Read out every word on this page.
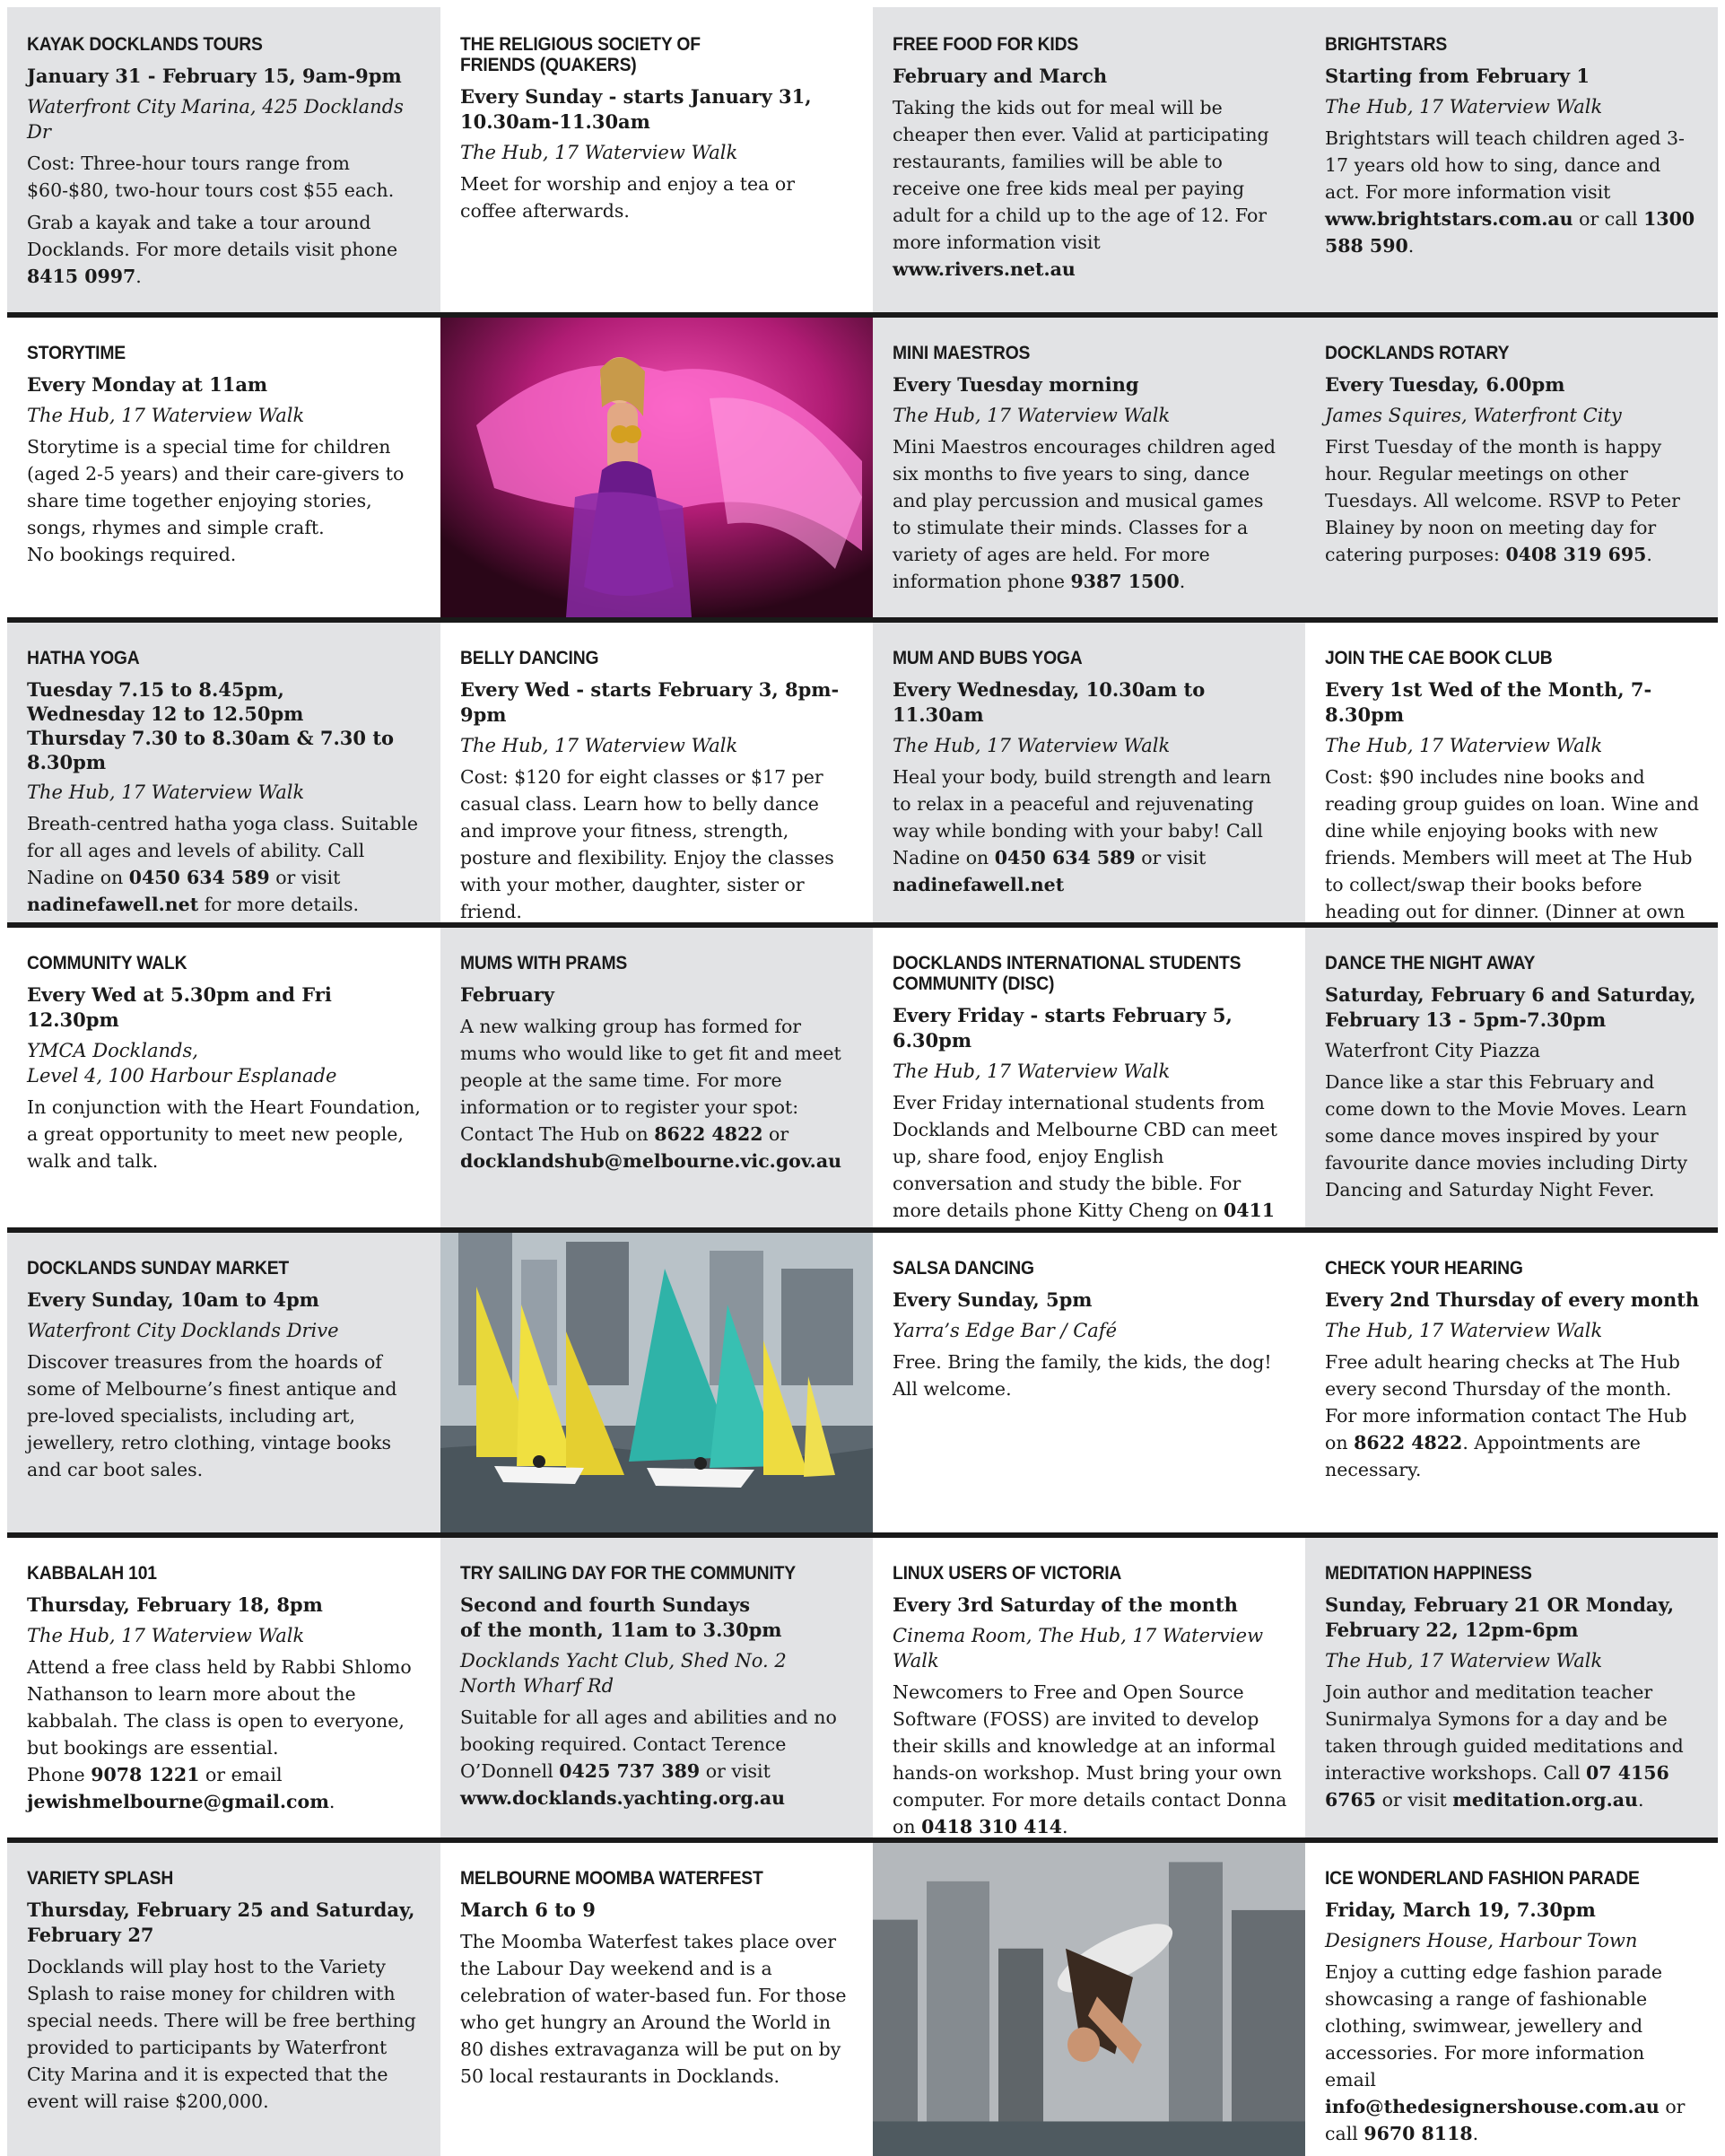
KAYAK DOCKLANDS TOURS
January 31 - February 15, 9am-9pm
Waterfront City Marina, 425 Docklands Dr

Cost: Three-hour tours range from $60-$80, two-hour tours cost $55 each.

Grab a kayak and take a tour around Docklands. For more details visit phone 8415 0997.

THE RELIGIOUS SOCIETY OF FRIENDS (QUAKERS)
Every Sunday - starts January 31, 10.30am-11.30am
The Hub, 17 Waterview Walk

Meet for worship and enjoy a tea or coffee afterwards.

FREE FOOD FOR KIDS
February and March

Taking the kids out for meal will be cheaper then ever. Valid at participating restaurants, families will be able to receive one free kids meal per paying adult for a child up to the age of 12. For more information visit www.rivers.net.au

BRIGHTSTARS
Starting from February 1
The Hub, 17 Waterview Walk

Brightstars will teach children aged 3-17 years old how to sing, dance and act. For more information visit www.brightstars.com.au or call 1300 588 590.

STORYTIME
Every Monday at 11am
The Hub, 17 Waterview Walk

Storytime is a special time for children (aged 2-5 years) and their care-givers to share time together enjoying stories, songs, rhymes and simple craft.

No bookings required.

MINI MAESTROS
Every Tuesday morning
The Hub, 17 Waterview Walk

Mini Maestros encourages children aged six months to five years to sing, dance and play percussion and musical games to stimulate their minds. Classes for a variety of ages are held. For more information phone 9387 1500.

DOCKLANDS ROTARY
Every Tuesday, 6.00pm
James Squires, Waterfront City

First Tuesday of the month is happy hour. Regular meetings on other Tuesdays. All welcome. RSVP to Peter Blainey by noon on meeting day for catering purposes: 0408 319 695.

HATHA YOGA
Tuesday 7.15 to 8.45pm,
Wednesday 12 to 12.50pm
Thursday 7.30 to 8.30am & 7.30 to 8.30pm
The Hub, 17 Waterview Walk

Breath-centred hatha yoga class. Suitable for all ages and levels of ability. Call Nadine on 0450 634 589 or visit nadinefawell.net for more details.

BELLY DANCING
Every Wed - starts February 3, 8pm-9pm
The Hub, 17 Waterview Walk

Cost: $120 for eight classes or $17 per casual class. Learn how to belly dance and improve your fitness, strength, posture and flexibility. Enjoy the classes with your mother, daughter, sister or friend.

MUM AND BUBS YOGA
Every Wednesday, 10.30am to 11.30am
The Hub, 17 Waterview Walk

Heal your body, build strength and learn to relax in a peaceful and rejuvenating way while bonding with your baby! Call Nadine on 0450 634 589 or visit nadinefawell.net

JOIN THE CAE BOOK CLUB
Every 1st Wed of the Month, 7-8.30pm
The Hub, 17 Waterview Walk

Cost: $90 includes nine books and reading group guides on loan. Wine and dine while enjoying books with new friends. Members will meet at The Hub to collect/swap their books before heading out for dinner. (Dinner at own

COMMUNITY WALK
Every Wed at 5.30pm and Fri 12.30pm
YMCA Docklands,
Level 4, 100 Harbour Esplanade

In conjunction with the Heart Foundation, a great opportunity to meet new people, walk and talk.

MUMS WITH PRAMS
February

A new walking group has formed for mums who would like to get fit and meet people at the same time. For more information or to register your spot: Contact The Hub on 8622 4822 or docklandshub@melbourne.vic.gov.au

DOCKLANDS INTERNATIONAL STUDENTS COMMUNITY (DISC)
Every Friday - starts February 5, 6.30pm
The Hub, 17 Waterview Walk

Ever Friday international students from Docklands and Melbourne CBD can meet up, share food, enjoy English conversation and study the bible. For more details phone Kitty Cheng on 0411

DANCE THE NIGHT AWAY
Saturday, February 6 and Saturday, February 13 - 5pm-7.30pm
Waterfront City Piazza

Dance like a star this February and come down to the Movie Moves. Learn some dance moves inspired by your favourite dance movies including Dirty Dancing and Saturday Night Fever.

DOCKLANDS SUNDAY MARKET
Every Sunday, 10am to 4pm
Waterfront City Docklands Drive

Discover treasures from the hoards of some of Melbourne’s finest antique and pre-loved specialists, including art, jewellery, retro clothing, vintage books and car boot sales.

SALSA DANCING
Every Sunday, 5pm
Yarra’s Edge Bar / Café

Free. Bring the family, the kids, the dog! All welcome.

CHECK YOUR HEARING
Every 2nd Thursday of every month
The Hub, 17 Waterview Walk

Free adult hearing checks at The Hub every second Thursday of the month. For more information contact The Hub on 8622 4822. Appointments are necessary.

KABBALAH 101
Thursday, February 18, 8pm
The Hub, 17 Waterview Walk

Attend a free class held by Rabbi Shlomo Nathanson to learn more about the kabbalah. The class is open to everyone, but bookings are essential.

Phone 9078 1221 or email jewishmelbourne@gmail.com.

TRY SAILING DAY FOR THE COMMUNITY
Second and fourth Sundays
of the month, 11am to 3.30pm
Docklands Yacht Club, Shed No. 2
North Wharf Rd

Suitable for all ages and abilities and no booking required. Contact Terence O’Donnell 0425 737 389 or visit www.docklands.yachting.org.au

LINUX USERS OF VICTORIA
Every 3rd Saturday of the month
Cinema Room, The Hub, 17 Waterview Walk

Newcomers to Free and Open Source Software (FOSS) are invited to develop their skills and knowledge at an informal hands-on workshop. Must bring your own computer. For more details contact Donna on 0418 310 414.

MEDITATION HAPPINESS
Sunday, February 21 OR Monday, February 22, 12pm-6pm
The Hub, 17 Waterview Walk

Join author and meditation teacher Sunirmalya Symons for a day and be taken through guided meditations and interactive workshops. Call 07 4156 6765 or visit meditation.org.au.

VARIETY SPLASH
Thursday, February 25 and Saturday, February 27

Docklands will play host to the Variety Splash to raise money for children with special needs. There will be free berthing provided to participants by Waterfront City Marina and it is expected that the event will raise $200,000.

MELBOURNE MOOMBA WATERFEST
March 6 to 9

The Moomba Waterfest takes place over the Labour Day weekend and is a celebration of water-based fun. For those who get hungry an Around the World in 80 dishes extravaganza will be put on by 50 local restaurants in Docklands.

ICE WONDERLAND FASHION PARADE
Friday, March 19, 7.30pm
Designers House, Harbour Town

Enjoy a cutting edge fashion parade showcasing a range of fashionable clothing, swimwear, jewellery and accessories. For more information email info@thedesignershouse.com.au or call 9670 8118.
